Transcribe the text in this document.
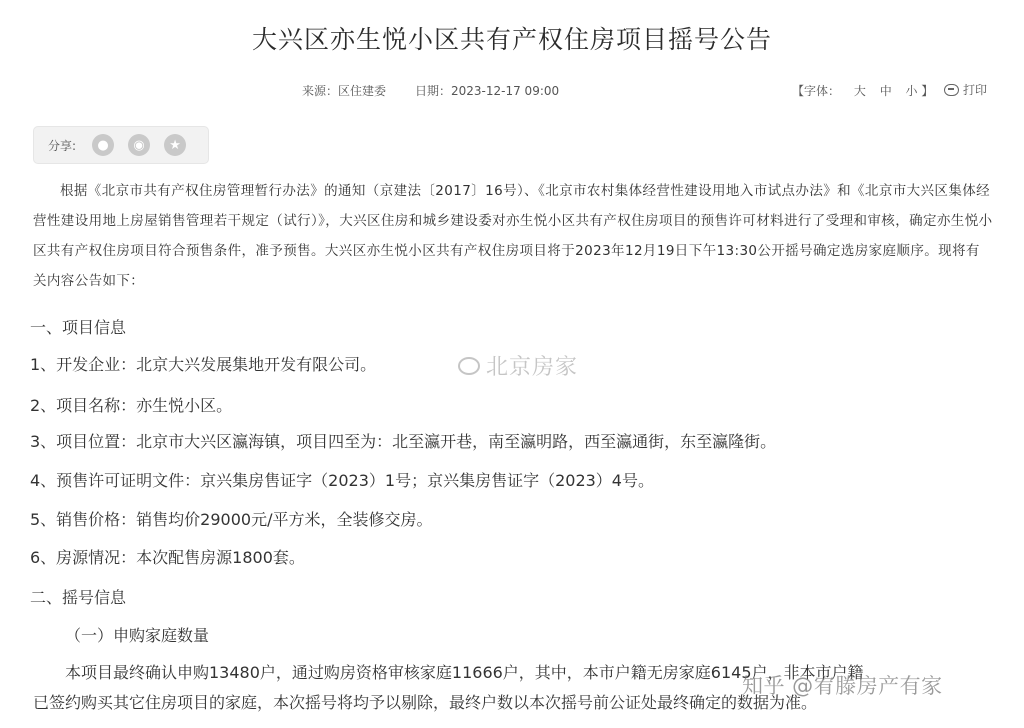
大兴区亦生悦小区共有产权住房项目摇号公告
来源：区住建委 日期：2023-12-17 09:00	【字体： 大 中 小 】 打印
分享:	●	◉	★

根据《北京市共有产权住房管理暂行办法》的通知（京建法〔2017〕16号）、《北京市农村集体经营性建设用地入市试点办法》和《北京市大兴区集体经营性建设用地上房屋销售管理若干规定（试行）》，大兴区住房和城乡建设委对亦生悦小区共有产权住房项目的预售许可材料进行了受理和审核，确定亦生悦小区共有产权住房项目符合预售条件，准予预售。大兴区亦生悦小区共有产权住房项目将于2023年12月19日下午13:30公开摇号确定选房家庭顺序。现将有关内容公告如下：

一、项目信息
1、开发企业：北京大兴发展集地开发有限公司。
2、项目名称：亦生悦小区。
3、项目位置：北京市大兴区瀛海镇，项目四至为：北至瀛开巷，南至瀛明路，西至瀛通街，东至瀛隆街。
4、预售许可证明文件：京兴集房售证字（2023）1号；京兴集房售证字（2023）4号。
5、销售价格：销售均价29000元/平方米，全装修交房。
6、房源情况：本次配售房源1800套。
二、摇号信息
（一）申购家庭数量
本项目最终确认申购13480户，通过购房资格审核家庭11666户，其中，本市户籍无房家庭6145户，非本市户籍
已签约购买其它住房项目的家庭，本次摇号将均予以剔除，最终户数以本次摇号前公证处最终确定的数据为准。
北京房家
知乎 @宥滕房产有家
